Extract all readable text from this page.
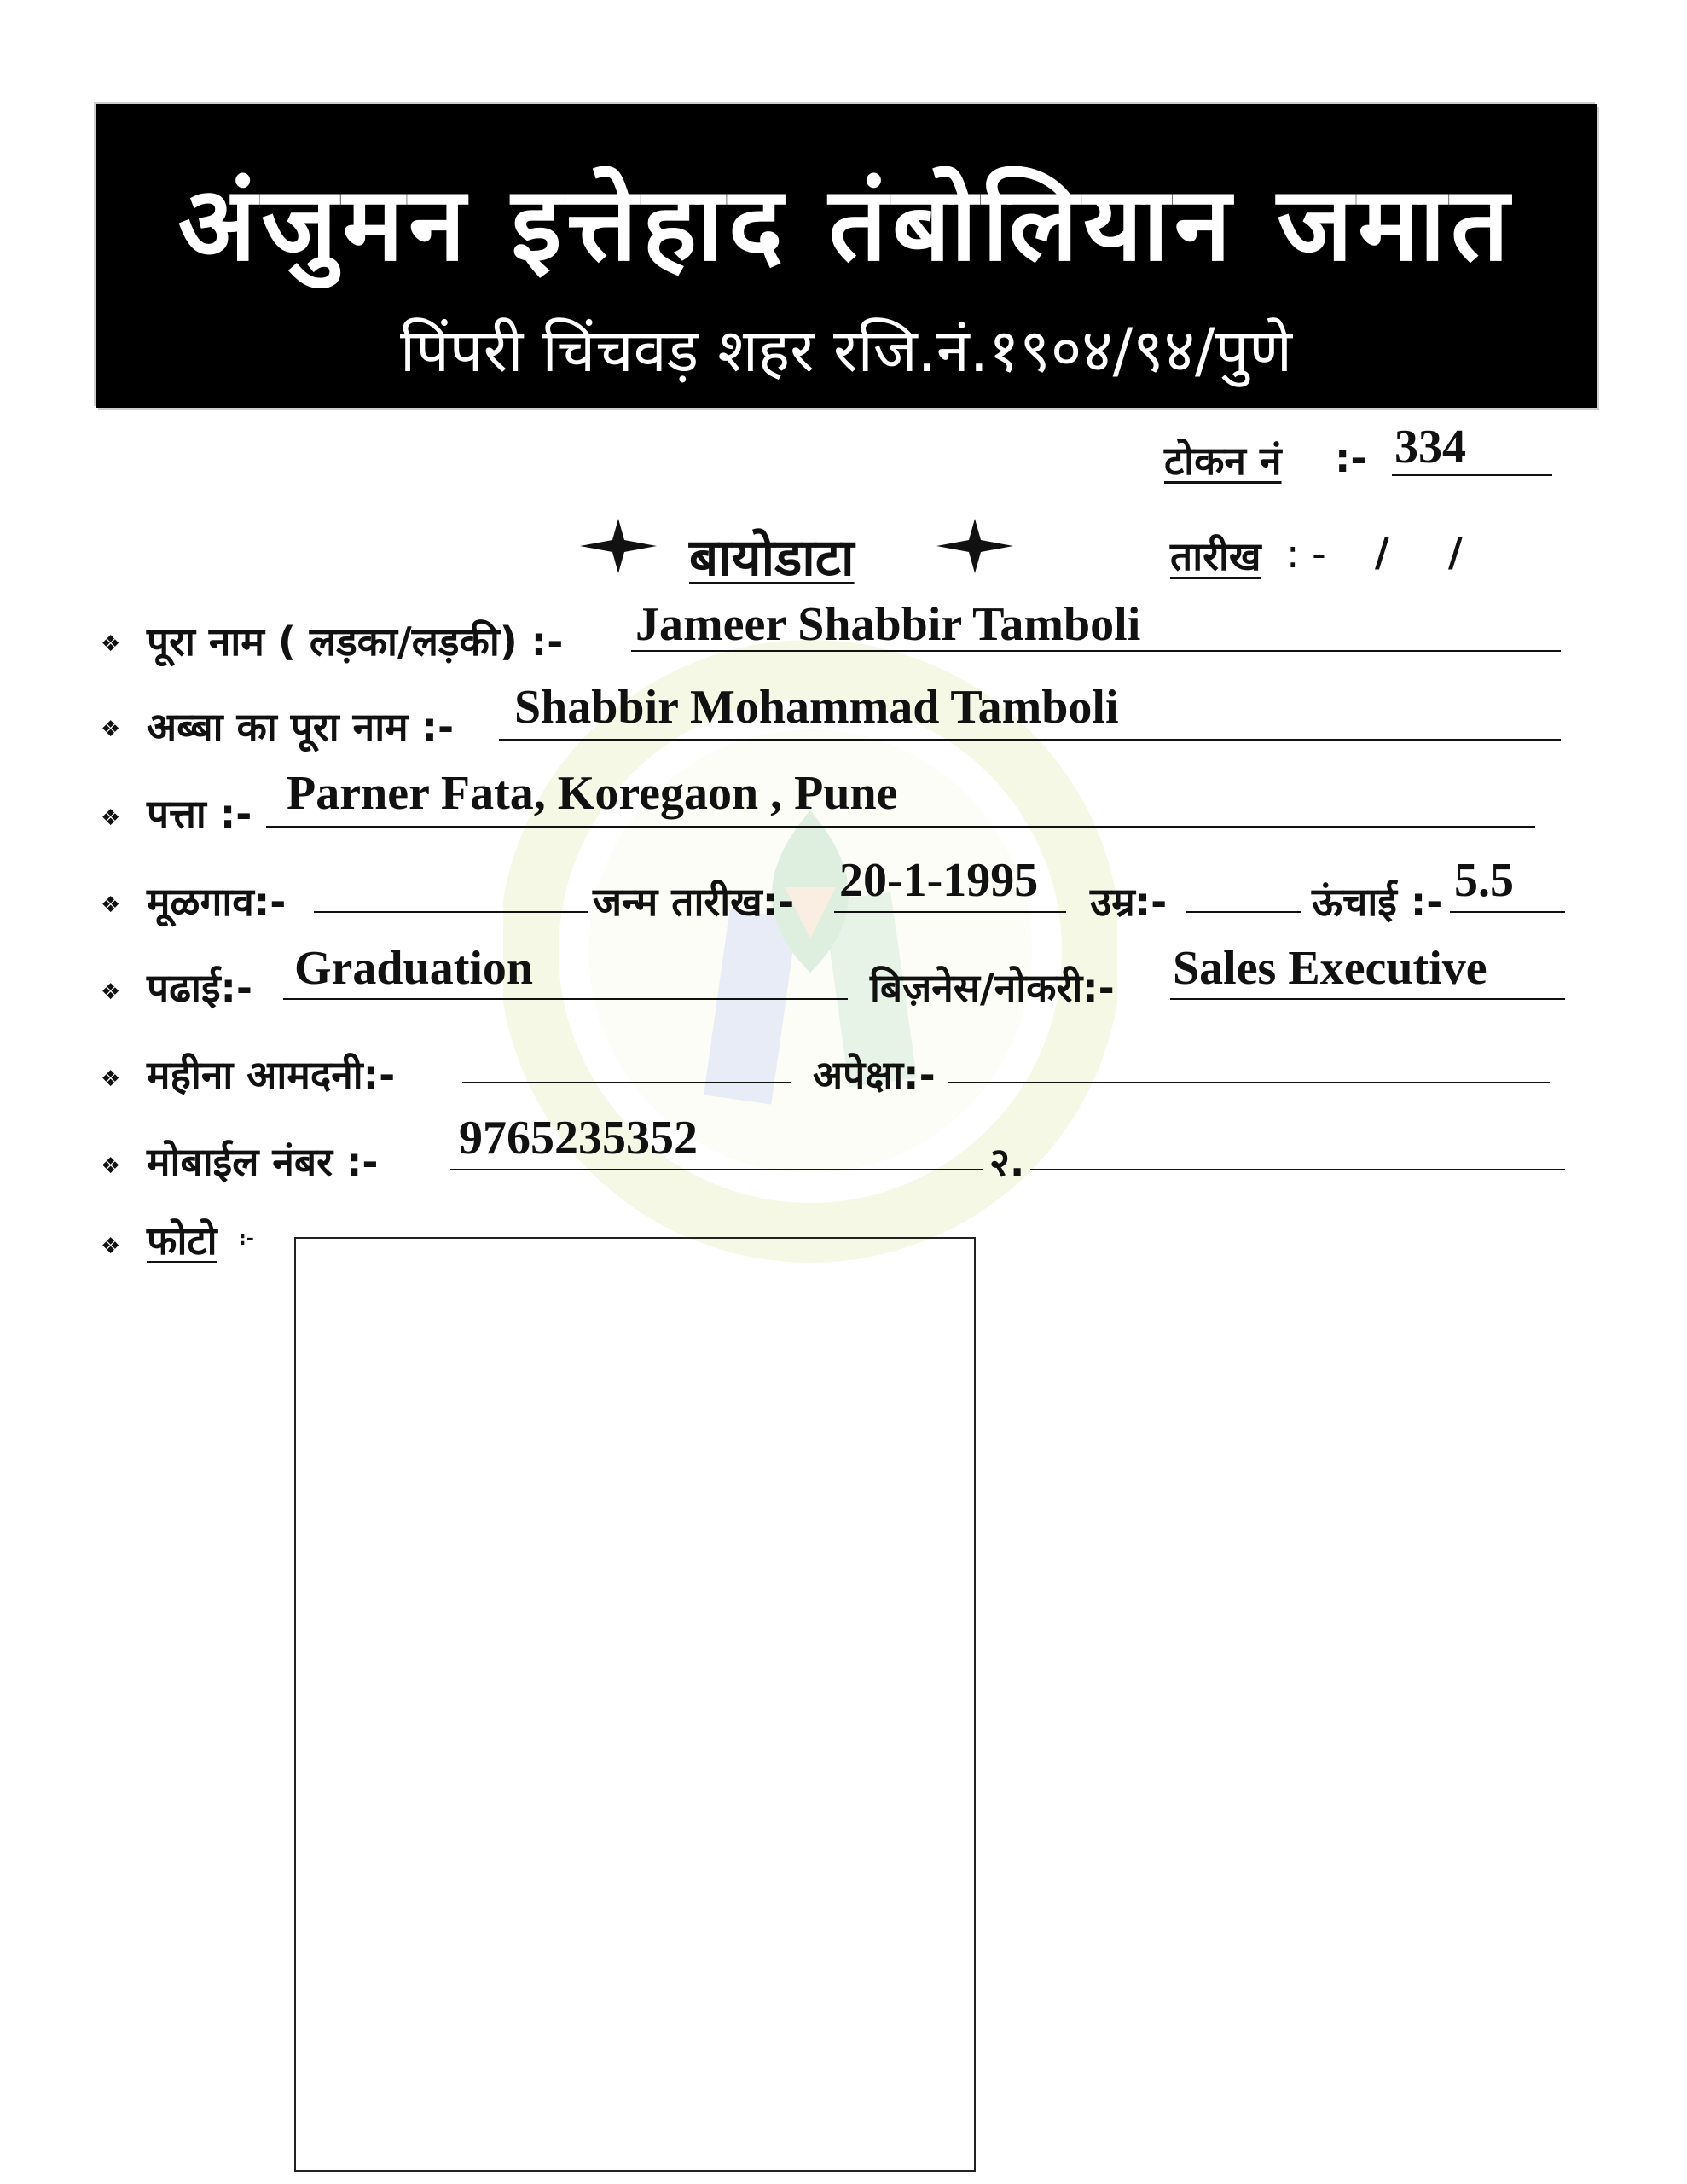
अंजुमन इत्तेहाद तंबोलियान जमात
पिंपरी चिंचवड़ शहर रजि.नं.१९०४/९४/पुणे
टोकन नं :- 334
बायोडाटा	तारीख : - / /
❖ पूरा नाम ( लड़का/लड़की) :- Jameer Shabbir Tamboli
❖ अब्बा का पूरा नाम :- Shabbir Mohammad Tamboli
❖ पत्ता :- Parner Fata, Koregaon , Pune
❖ मूळगाव:-	जन्म तारीख:- 20-1-1995 उम्र:-	ऊंचाई :- 5.5
❖ पढाई:- Graduation	बिज़नेस/नोकरी:- Sales Executive
❖ महीना आमदनी:-	अपेक्षा:-
❖ मोबाईल नंबर :- 9765235352	२.
❖ फोटो :-
